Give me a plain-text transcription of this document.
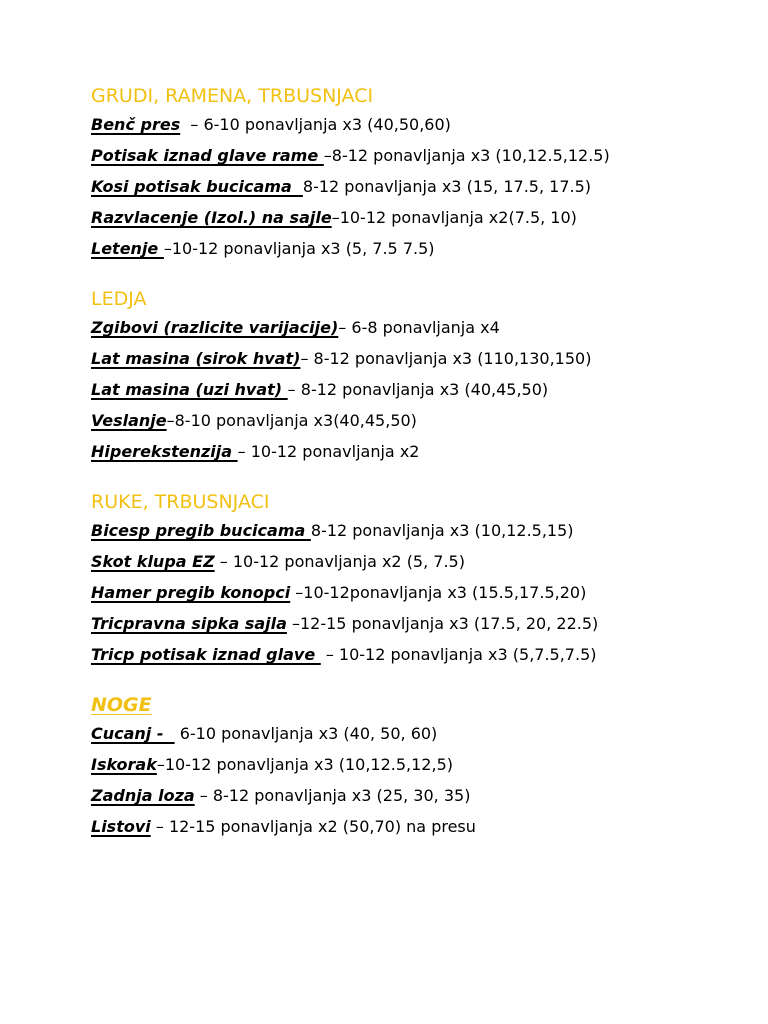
GRUDI, RAMENA, TRBUSNJACI
Benč pres  – 6-10 ponavljanja x3 (40,50,60)
Potisak iznad glave rame –8-12 ponavljanja x3 (10,12.5,12.5)
Kosi potisak bucicama  8-12 ponavljanja x3 (15, 17.5, 17.5)
Razvlacenje (Izol.) na sajle–10-12 ponavljanja x2(7.5, 10)
Letenje –10-12 ponavljanja x3 (5, 7.5 7.5)
LEDJA
Zgibovi (razlicite varijacije)– 6-8 ponavljanja x4
Lat masina (sirok hvat)– 8-12 ponavljanja x3 (110,130,150)
Lat masina (uzi hvat) – 8-12 ponavljanja x3 (40,45,50)
Veslanje–8-10 ponavljanja x3(40,45,50)
Hiperekstenzija – 10-12 ponavljanja x2
RUKE, TRBUSNJACI
Bicesp pregib bucicama 8-12 ponavljanja x3 (10,12.5,15)
Skot klupa EZ – 10-12 ponavljanja x2 (5, 7.5)
Hamer pregib konopci –10-12ponavljanja x3 (15.5,17.5,20)
Tricpravna sipka sajla –12-15 ponavljanja x3 (17.5, 20, 22.5)
Tricp potisak iznad glave  – 10-12 ponavljanja x3 (5,7.5,7.5)
NOGE
Cucanj -   6-10 ponavljanja x3 (40, 50, 60)
Iskorak–10-12 ponavljanja x3 (10,12.5,12,5)
Zadnja loza – 8-12 ponavljanja x3 (25, 30, 35)
Listovi – 12-15 ponavljanja x2 (50,70) na presu
